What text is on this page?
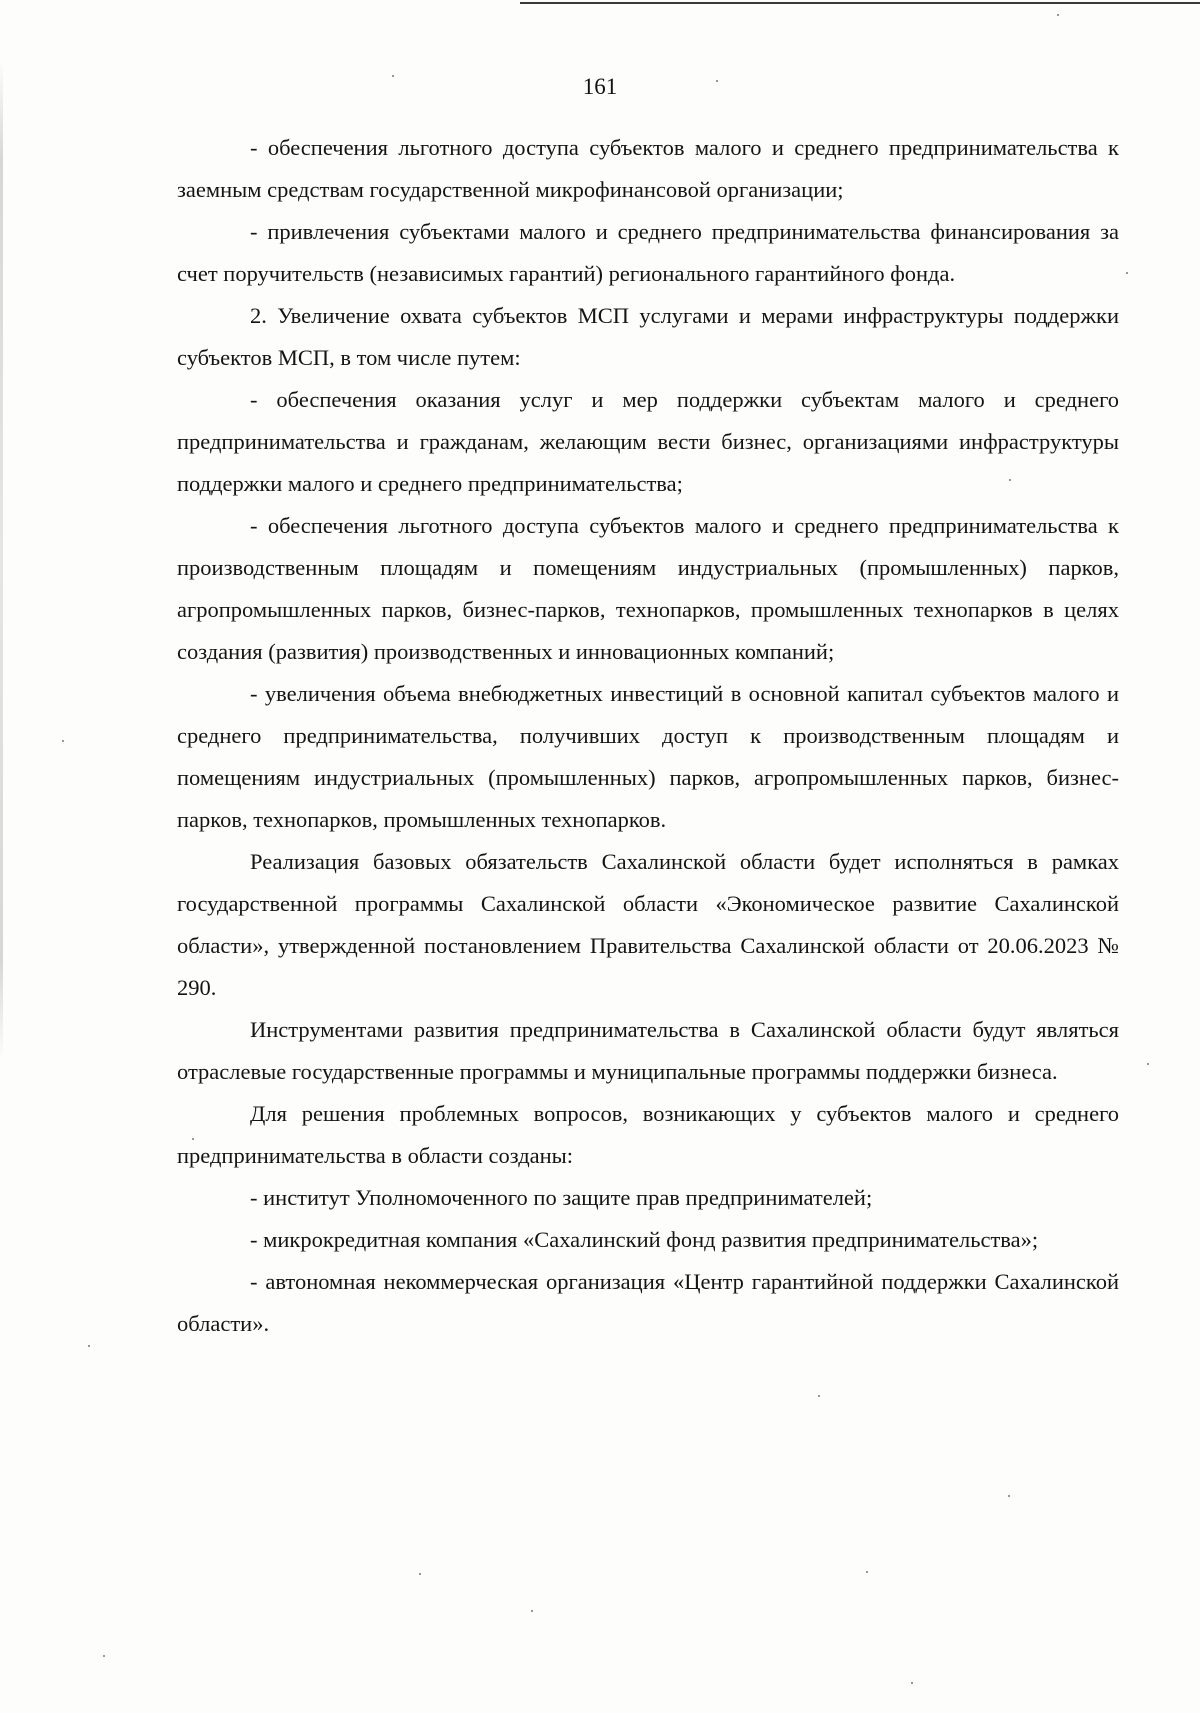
161

- обеспечения льготного доступа субъектов малого и среднего предпринимательства к заемным средствам государственной микрофинансовой организации;

- привлечения субъектами малого и среднего предпринимательства финансирования за счет поручительств (независимых гарантий) регионального гарантийного фонда.

2. Увеличение охвата субъектов МСП услугами и мерами инфраструктуры поддержки субъектов МСП, в том числе путем:

- обеспечения оказания услуг и мер поддержки субъектам малого и среднего предпринимательства и гражданам, желающим вести бизнес, организациями инфраструктуры поддержки малого и среднего предпринимательства;

- обеспечения льготного доступа субъектов малого и среднего предпринимательства к производственным площадям и помещениям индустриальных (промышленных) парков, агропромышленных парков, бизнес-парков, технопарков, промышленных технопарков в целях создания (развития) производственных и инновационных компаний;

- увеличения объема внебюджетных инвестиций в основной капитал субъектов малого и среднего предпринимательства, получивших доступ к производственным площадям и помещениям индустриальных (промышленных) парков, агропромышленных парков, бизнес-парков, технопарков, промышленных технопарков.

Реализация базовых обязательств Сахалинской области будет исполняться в рамках государственной программы Сахалинской области «Экономическое развитие Сахалинской области», утвержденной постановлением Правительства Сахалинской области от 20.06.2023 № 290.

Инструментами развития предпринимательства в Сахалинской области будут являться отраслевые государственные программы и муниципальные программы поддержки бизнеса.

Для решения проблемных вопросов, возникающих у субъектов малого и среднего предпринимательства в области созданы:

- институт Уполномоченного по защите прав предпринимателей;

- микрокредитная компания «Сахалинский фонд развития предпринимательства»;

- автономная некоммерческая организация «Центр гарантийной поддержки Сахалинской области».
